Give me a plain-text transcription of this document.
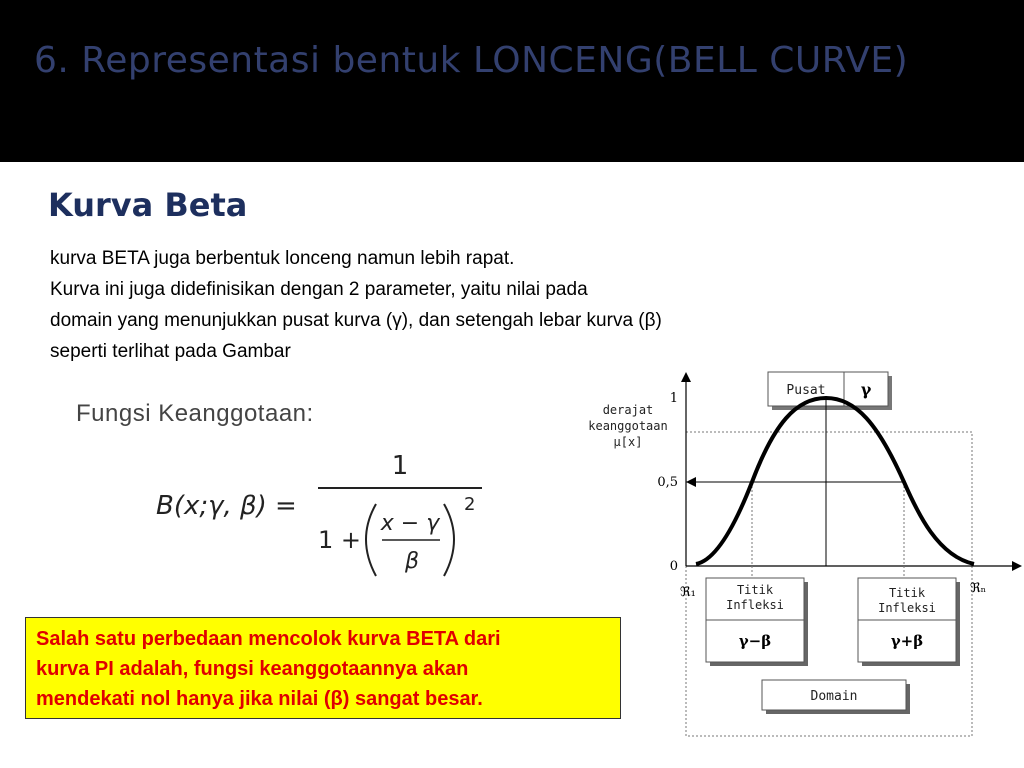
6. Representasi bentuk LONCENG(BELL CURVE)
Kurva Beta
kurva BETA juga berbentuk lonceng namun lebih rapat.
Kurva ini juga didefinisikan dengan 2 parameter, yaitu nilai pada
domain yang menunjukkan pusat kurva (γ), dan setengah lebar kurva (β)
seperti terlihat pada Gambar
Fungsi Keanggotaan:
B(x;γ, β) =
1
1 +
x − γ
β
2
Salah satu perbedaan mencolok kurva BETA dari
kurva PI adalah, fungsi keanggotaannya akan
mendekati nol hanya jika nilai (β) sangat besar.
Pusat γ
derajat
keanggotaan
μ[x]
1
0,5
0
ℜ₁	ℜₙ
Titik
Infleksi
γ−β
Titik
Infleksi
γ+β
Domain
